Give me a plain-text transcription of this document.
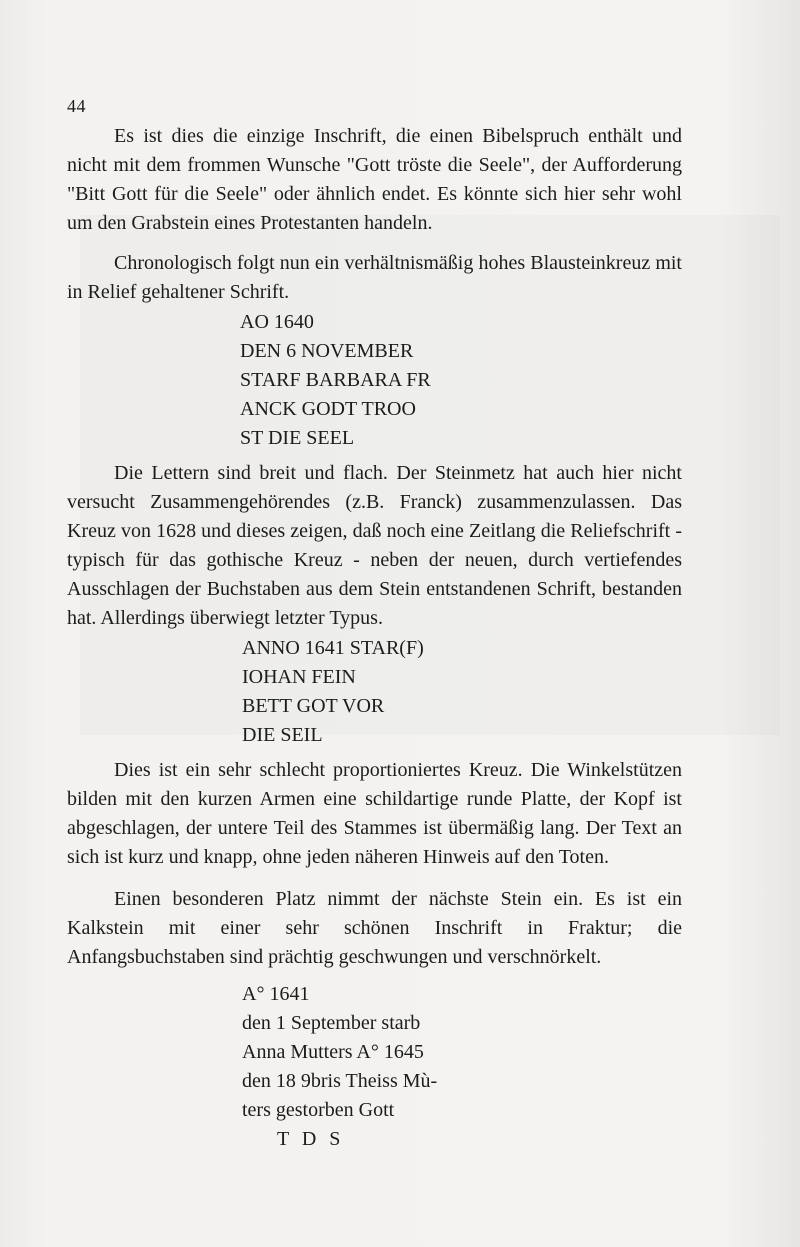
44

Es ist dies die einzige Inschrift, die einen Bibelspruch enthält und nicht mit dem frommen Wunsche "Gott tröste die Seele", der Aufforderung "Bitt Gott für die Seele" oder ähnlich endet. Es könnte sich hier sehr wohl um den Grabstein eines Protestanten handeln.

Chronologisch folgt nun ein verhältnismäßig hohes Blausteinkreuz mit in Relief gehaltener Schrift.

AO 1640
DEN 6 NOVEMBER
STARF BARBARA FR
ANCK GODT TROO
ST DIE SEEL

Die Lettern sind breit und flach. Der Steinmetz hat auch hier nicht versucht Zusammengehörendes (z.B. Franck) zusammenzulassen. Das Kreuz von 1628 und dieses zeigen, daß noch eine Zeitlang die Reliefschrift - typisch für das gothische Kreuz - neben der neuen, durch vertiefendes Ausschlagen der Buchstaben aus dem Stein entstandenen Schrift, bestanden hat. Allerdings überwiegt letzter Typus.

ANNO 1641 STAR(F)
IOHAN FEIN
BETT GOT VOR
DIE SEIL

Dies ist ein sehr schlecht proportioniertes Kreuz. Die Winkelstützen bilden mit den kurzen Armen eine schildartige runde Platte, der Kopf ist abgeschlagen, der untere Teil des Stammes ist übermäßig lang. Der Text an sich ist kurz und knapp, ohne jeden näheren Hinweis auf den Toten.

Einen besonderen Platz nimmt der nächste Stein ein. Es ist ein Kalkstein mit einer sehr schönen Inschrift in Fraktur; die Anfangsbuchstaben sind prächtig geschwungen und verschnörkelt.

A° 1641
den 1 September starb
Anna Mutters A° 1645
den 18 9bris Theiss Mù-
ters gestorben Gott
T D S
